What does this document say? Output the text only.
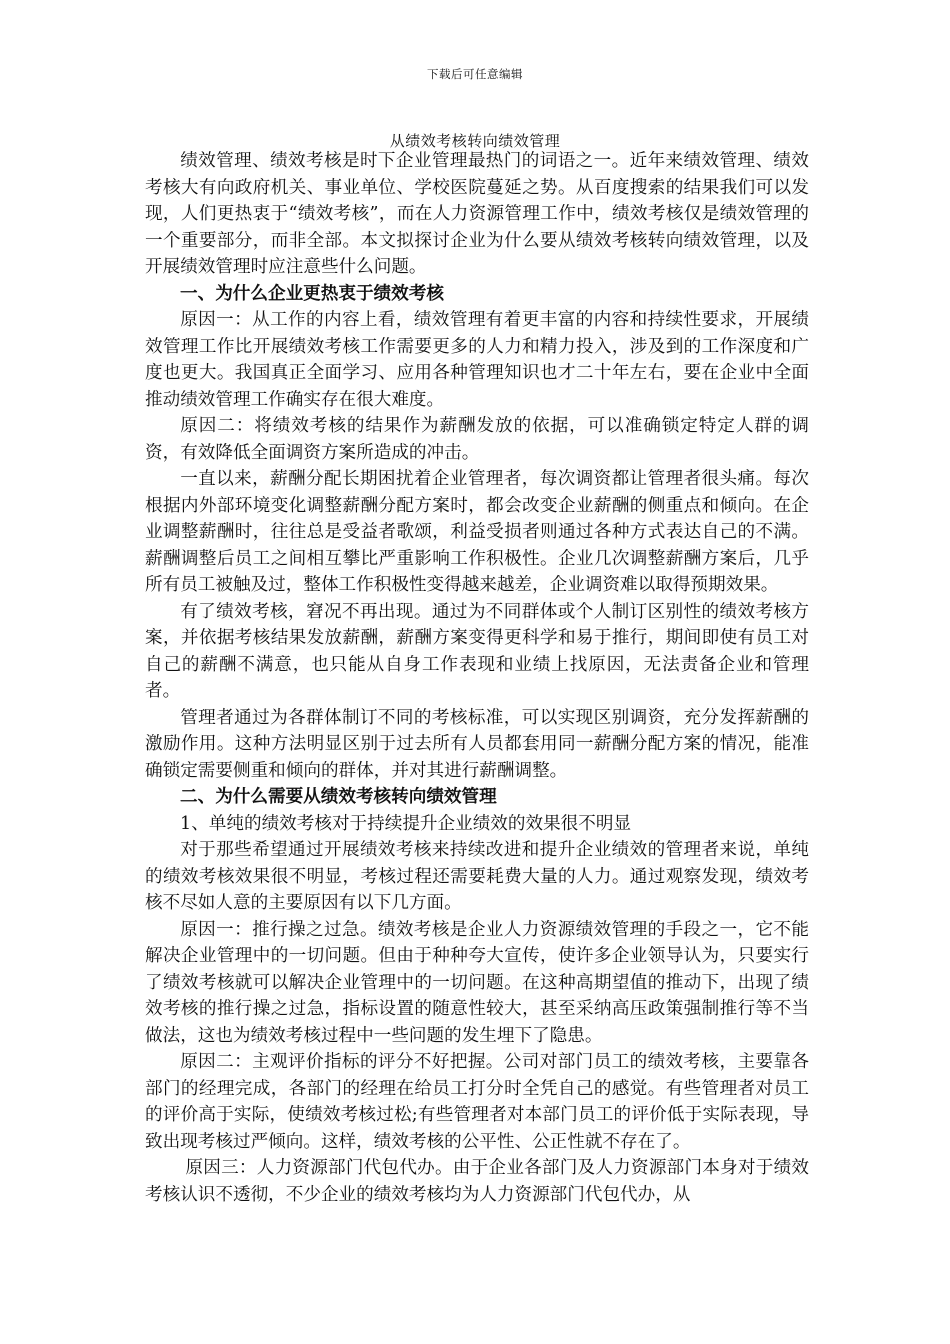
下载后可任意编辑
从绩效考核转向绩效管理

绩效管理、绩效考核是时下企业管理最热门的词语之一。近年来绩效管理、绩效考核大有向政府机关、事业单位、学校医院蔓延之势。从百度搜索的结果我们可以发现，人们更热衷于“绩效考核”，而在人力资源管理工作中，绩效考核仅是绩效管理的一个重要部分，而非全部。本文拟探讨企业为什么要从绩效考核转向绩效管理，以及开展绩效管理时应注意些什么问题。

一、为什么企业更热衷于绩效考核

原因一：从工作的内容上看，绩效管理有着更丰富的内容和持续性要求，开展绩效管理工作比开展绩效考核工作需要更多的人力和精力投入，涉及到的工作深度和广度也更大。我国真正全面学习、应用各种管理知识也才二十年左右，要在企业中全面推动绩效管理工作确实存在很大难度。

原因二：将绩效考核的结果作为薪酬发放的依据，可以准确锁定特定人群的调资，有效降低全面调资方案所造成的冲击。

一直以来，薪酬分配长期困扰着企业管理者，每次调资都让管理者很头痛。每次根据内外部环境变化调整薪酬分配方案时，都会改变企业薪酬的侧重点和倾向。在企业调整薪酬时，往往总是受益者歌颂，利益受损者则通过各种方式表达自己的不满。薪酬调整后员工之间相互攀比严重影响工作积极性。企业几次调整薪酬方案后，几乎所有员工被触及过，整体工作积极性变得越来越差，企业调资难以取得预期效果。

有了绩效考核，窘况不再出现。通过为不同群体或个人制订区别性的绩效考核方案，并依据考核结果发放薪酬，薪酬方案变得更科学和易于推行，期间即使有员工对自己的薪酬不满意，也只能从自身工作表现和业绩上找原因，无法责备企业和管理者。

管理者通过为各群体制订不同的考核标准，可以实现区别调资，充分发挥薪酬的激励作用。这种方法明显区别于过去所有人员都套用同一薪酬分配方案的情况，能准确锁定需要侧重和倾向的群体，并对其进行薪酬调整。

二、为什么需要从绩效考核转向绩效管理

1、单纯的绩效考核对于持续提升企业绩效的效果很不明显

对于那些希望通过开展绩效考核来持续改进和提升企业绩效的管理者来说，单纯的绩效考核效果很不明显，考核过程还需要耗费大量的人力。通过观察发现，绩效考核不尽如人意的主要原因有以下几方面。

原因一：推行操之过急。绩效考核是企业人力资源绩效管理的手段之一，它不能解决企业管理中的一切问题。但由于种种夸大宣传，使许多企业领导认为，只要实行了绩效考核就可以解决企业管理中的一切问题。在这种高期望值的推动下，出现了绩效考核的推行操之过急，指标设置的随意性较大，甚至采纳高压政策强制推行等不当做法，这也为绩效考核过程中一些问题的发生埋下了隐患。

原因二：主观评价指标的评分不好把握。公司对部门员工的绩效考核，主要靠各部门的经理完成，各部门的经理在给员工打分时全凭自己的感觉。有些管理者对员工的评价高于实际，使绩效考核过松;有些管理者对本部门员工的评价低于实际表现，导致出现考核过严倾向。这样，绩效考核的公平性、公正性就不存在了。

原因三：人力资源部门代包代办。由于企业各部门及人力资源部门本身对于绩效考核认识不透彻，不少企业的绩效考核均为人力资源部门代包代办，从
